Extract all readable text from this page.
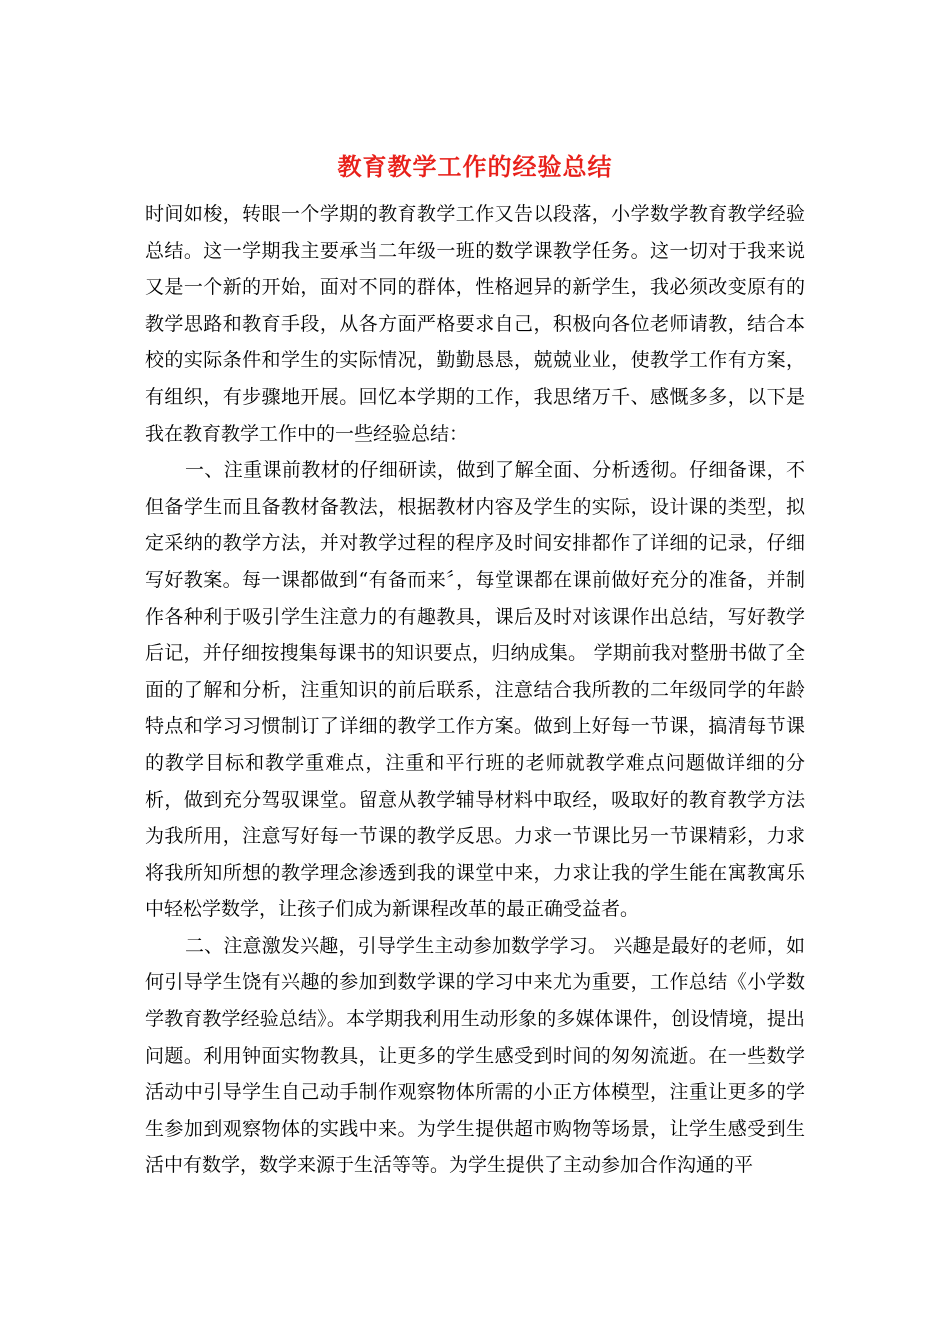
教育教学工作的经验总结

时间如梭，转眼一个学期的教育教学工作又告以段落，小学数学教育教学经验总结。这一学期我主要承当二年级一班的数学课教学任务。这一切对于我来说又是一个新的开始，面对不同的群体，性格迥异的新学生，我必须改变原有的教学思路和教育手段，从各方面严格要求自己，积极向各位老师请教，结合本校的实际条件和学生的实际情况，勤勤恳恳，兢兢业业，使教学工作有方案，有组织，有步骤地开展。回忆本学期的工作，我思绪万千、感慨多多，以下是我在教育教学工作中的一些经验总结：

一、注重课前教材的仔细研读，做到了解全面、分析透彻。仔细备课，不但备学生而且备教材备教法，根据教材内容及学生的实际，设计课的类型，拟定采纳的教学方法，并对教学过程的程序及时间安排都作了详细的记录，仔细写好教案。每一课都做到“有备而来〞，每堂课都在课前做好充分的准备，并制作各种利于吸引学生注意力的有趣教具，课后及时对该课作出总结，写好教学后记，并仔细按搜集每课书的知识要点，归纳成集。 学期前我对整册书做了全面的了解和分析，注重知识的前后联系，注意结合我所教的二年级同学的年龄特点和学习习惯制订了详细的教学工作方案。做到上好每一节课，搞清每节课的教学目标和教学重难点，注重和平行班的老师就教学难点问题做详细的分析，做到充分驾驭课堂。留意从教学辅导材料中取经，吸取好的教育教学方法为我所用，注意写好每一节课的教学反思。力求一节课比另一节课精彩，力求将我所知所想的教学理念渗透到我的课堂中来，力求让我的学生能在寓教寓乐中轻松学数学，让孩子们成为新课程改革的最正确受益者。

二、注意激发兴趣，引导学生主动参加数学学习。 兴趣是最好的老师，如何引导学生饶有兴趣的参加到数学课的学习中来尤为重要，工作总结《小学数学教育教学经验总结》。本学期我利用生动形象的多媒体课件，创设情境，提出问题。利用钟面实物教具，让更多的学生感受到时间的匆匆流逝。在一些数学活动中引导学生自己动手制作观察物体所需的小正方体模型，注重让更多的学生参加到观察物体的实践中来。为学生提供超市购物等场景，让学生感受到生活中有数学，数学来源于生活等等。为学生提供了主动参加合作沟通的平
